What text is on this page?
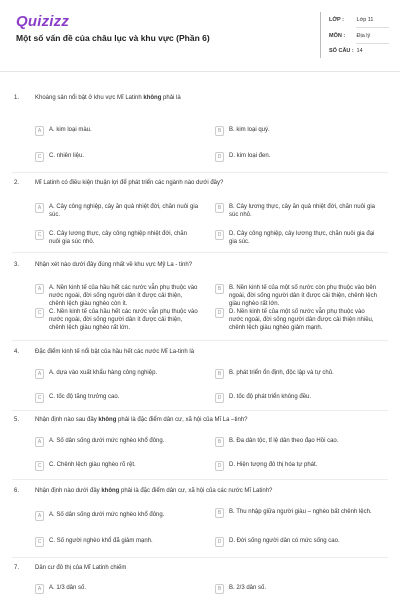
Quizizz
Một số vấn đề của châu lục và khu vực (Phần 6)
LỚP : Lớp 11
MÔN : Địa lý
SỐ CÂU : 14
1.	Khoáng sản nổi bật ở khu vực Mĩ Latinh không phải là
A	A. kim loại màu.	B	B. kim loại quý.
C	C. nhiên liệu.	D	D. kim loại đen.
2.	Mĩ Latinh có điều kiện thuận lợi để phát triển các ngành nào dưới đây?
A	A. Cây công nghiệp, cây ăn quả nhiệt đới, chăn nuôi gia súc.
B	B. Cây lương thực, cây ăn quả nhiệt đới, chăn nuôi gia súc nhỏ.
C	C. Cây lương thực, cây công nghiệp nhiệt đới, chăn nuôi gia súc nhỏ.
D	D. Cây công nghiệp, cây lương thực, chăn nuôi gia đại gia súc.
3.	Nhận xét nào dưới đây đúng nhất về khu vực Mỹ La - tinh?
A	A. Nền kinh tế của hầu hết các nước vẫn phụ thuộc vào nước ngoài, đời sống người dân ít được cải thiện, chênh lệch giàu nghèo còn ít.
B	B. Nền kinh tế của một số nước còn phụ thuộc vào bên ngoài, đời sống người dân ít được cải thiện, chênh lệch giàu nghèo rất lớn.
C	C. Nền kinh tế của hầu hết các nước vẫn phụ thuộc vào nước ngoài, đời sống người dân ít được cải thiện, chênh lệch giàu nghèo rất lớn.
D	D. Nền kinh tế của một số nước vẫn phụ thuộc vào nước ngoài, đời sống người dân được cải thiện nhiều, chênh lệch giàu nghèo giảm mạnh.
4.	Đặc điểm kinh tế nổi bật của hầu hết các nước Mĩ La-tinh là
A	A. dựa vào xuất khẩu hàng công nghiệp.	B	B. phát triển ổn định, độc lập và tự chủ.
C	C. tốc độ tăng trưởng cao.	D	D. tốc độ phát triển không đều.
5.	Nhận định nào sau đây không phải là đặc điểm dân cư, xã hội của Mĩ La –tinh?
A	A. Số dân sống dưới mức nghèo khổ đông.	B	B. Đa dân tộc, tỉ lệ dân theo đạo Hồi cao.
C	C. Chênh lệch giàu nghèo rõ rệt.	D	D. Hiện tượng đô thị hóa tự phát.
6.	Nhận định nào dưới đây không phải là đặc điểm dân cư, xã hội của các nước Mĩ Latinh?
A	A. Số dân sống dưới mức nghèo khổ đông.	B	B. Thu nhập giữa người giàu – nghèo bất chênh lệch.
C	C. Số người nghèo khổ đã giảm mạnh.	D	D. Đời sống người dân có mức sống cao.
7.	Dân cư đô thị của Mĩ Latinh chiếm
A	A. 1/3 dân số.	B	B. 2/3 dân số.
